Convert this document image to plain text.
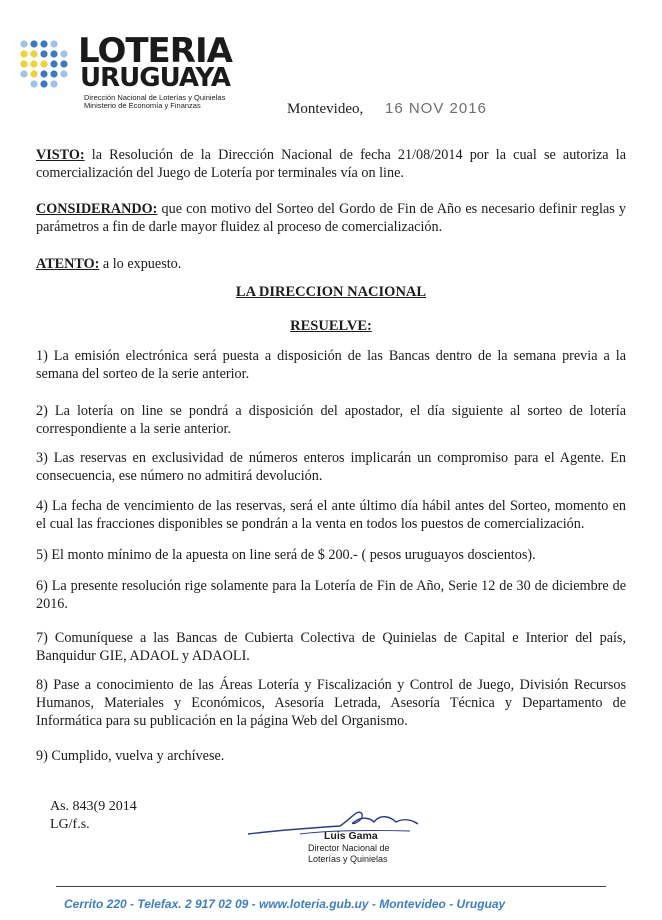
LOTERIA
URUGUAYA
Dirección Nacional de Loterías y Quinielas
Ministerio de Economía y Finanzas	Montevideo, 16 NOV 2016
VISTO: la Resolución de la Dirección Nacional de fecha 21/08/2014 por la cual se autoriza la comercialización del Juego de Lotería por terminales vía on line.
CONSIDERANDO: que con motivo del Sorteo del Gordo de Fin de Año es necesario definir reglas y parámetros a fin de darle mayor fluidez al proceso de comercialización.
ATENTO: a lo expuesto.
LA DIRECCION NACIONAL
RESUELVE:
1) La emisión electrónica será puesta a disposición de las Bancas dentro de la semana previa a la semana del sorteo de la serie anterior.
2) La lotería on line se pondrá a disposición del apostador, el día siguiente al sorteo de lotería correspondiente a la serie anterior.
3) Las reservas en exclusividad de números enteros implicarán un compromiso para el Agente. En consecuencia, ese número no admitirá devolución.
4) La fecha de vencimiento de las reservas, será el ante último día hábil antes del Sorteo, momento en el cual las fracciones disponibles se pondrán a la venta en todos los puestos de comercialización.
5) El monto mínimo de la apuesta on line será de $ 200.- ( pesos uruguayos doscientos).
6) La presente resolución rige solamente para la Lotería de Fin de Año, Serie 12 de 30 de diciembre de 2016.
7) Comuníquese a las Bancas de Cubierta Colectiva de Quinielas de Capital e Interior del país, Banquidur GIE, ADAOL y ADAOLI.
8) Pase a conocimiento de las Áreas Lotería y Fiscalización y Control de Juego, División Recursos Humanos, Materiales y Económicos, Asesoría Letrada, Asesoría Técnica y Departamento de Informática para su publicación en la página Web del Organismo.
9) Cumplido, vuelva y archívese.
As. 843(9 2014
LG/f.s.
Luis Gama
Director Nacional de
Loterías y Quinielas
Cerrito 220 - Telefax. 2 917 02 09 - www.loteria.gub.uy - Montevideo - Uruguay
